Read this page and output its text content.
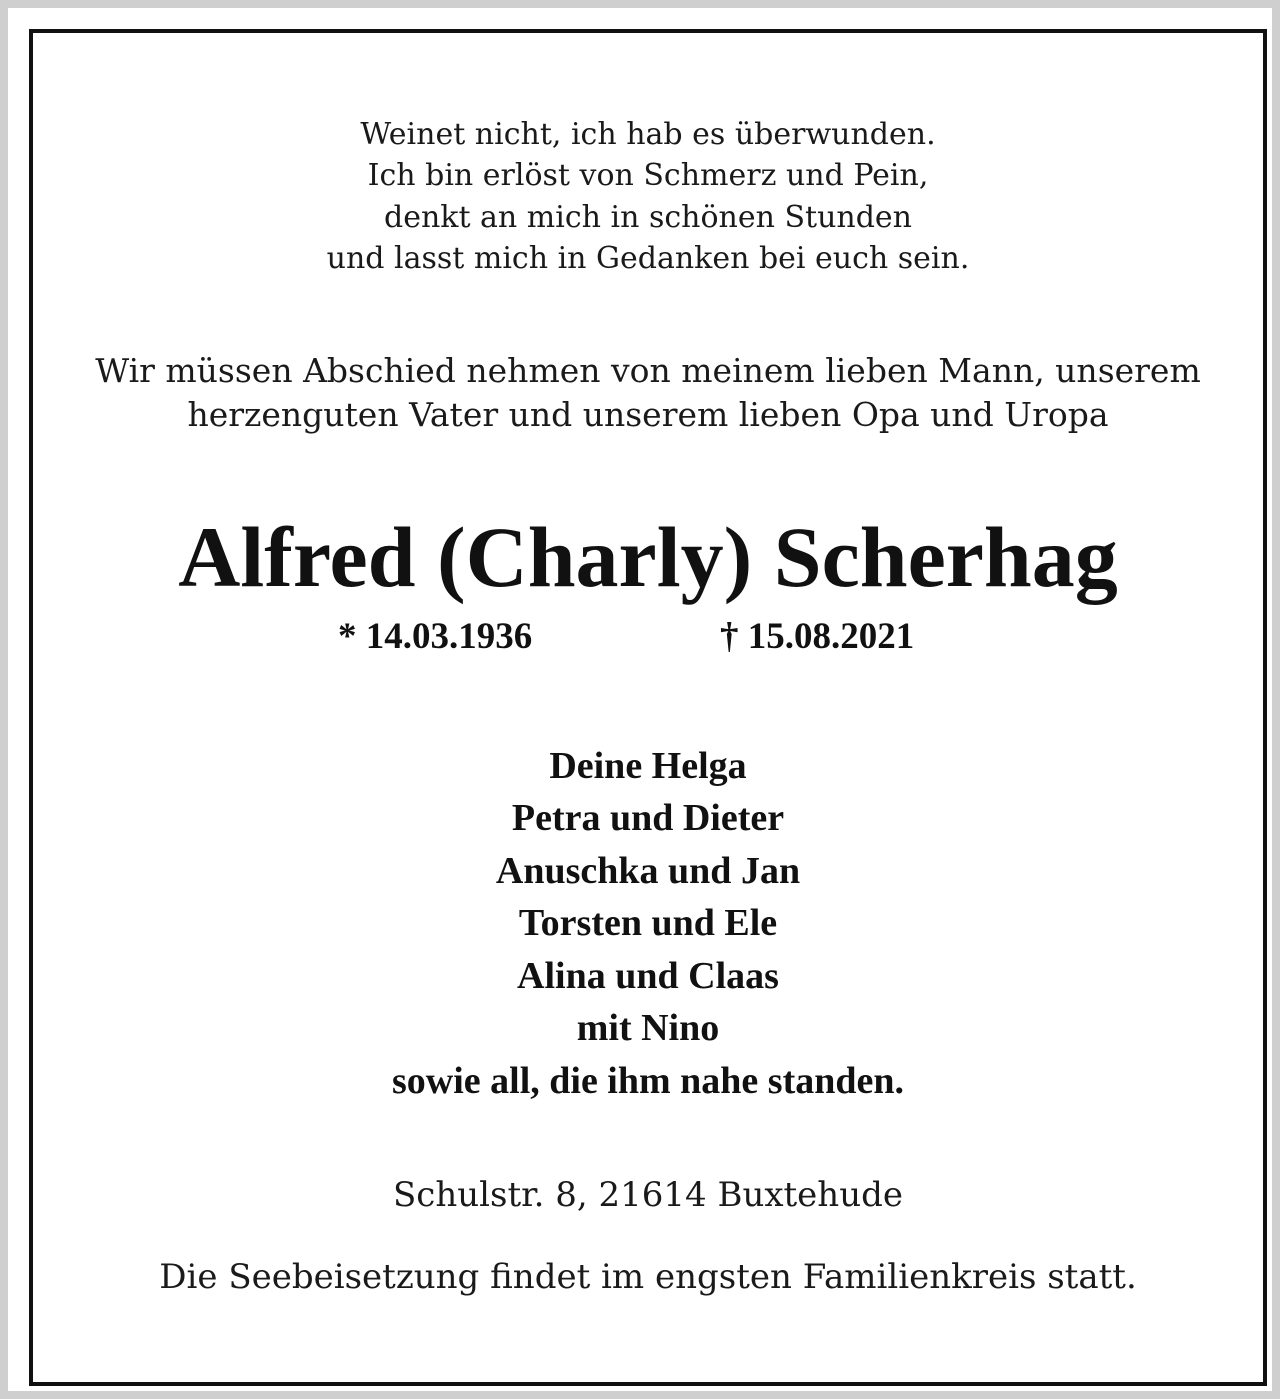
Weinet nicht, ich hab es überwunden.
Ich bin erlöst von Schmerz und Pein,
denkt an mich in schönen Stunden
und lasst mich in Gedanken bei euch sein.
Wir müssen Abschied nehmen von meinem lieben Mann, unserem
herzenguten Vater und unserem lieben Opa und Uropa
Alfred (Charly) Scherhag
* 14.03.1936	† 15.08.2021
Deine Helga
Petra und Dieter
Anuschka und Jan
Torsten und Ele
Alina und Claas
mit Nino
sowie all, die ihm nahe standen.
Schulstr. 8, 21614 Buxtehude
Die Seebeisetzung findet im engsten Familienkreis statt.
